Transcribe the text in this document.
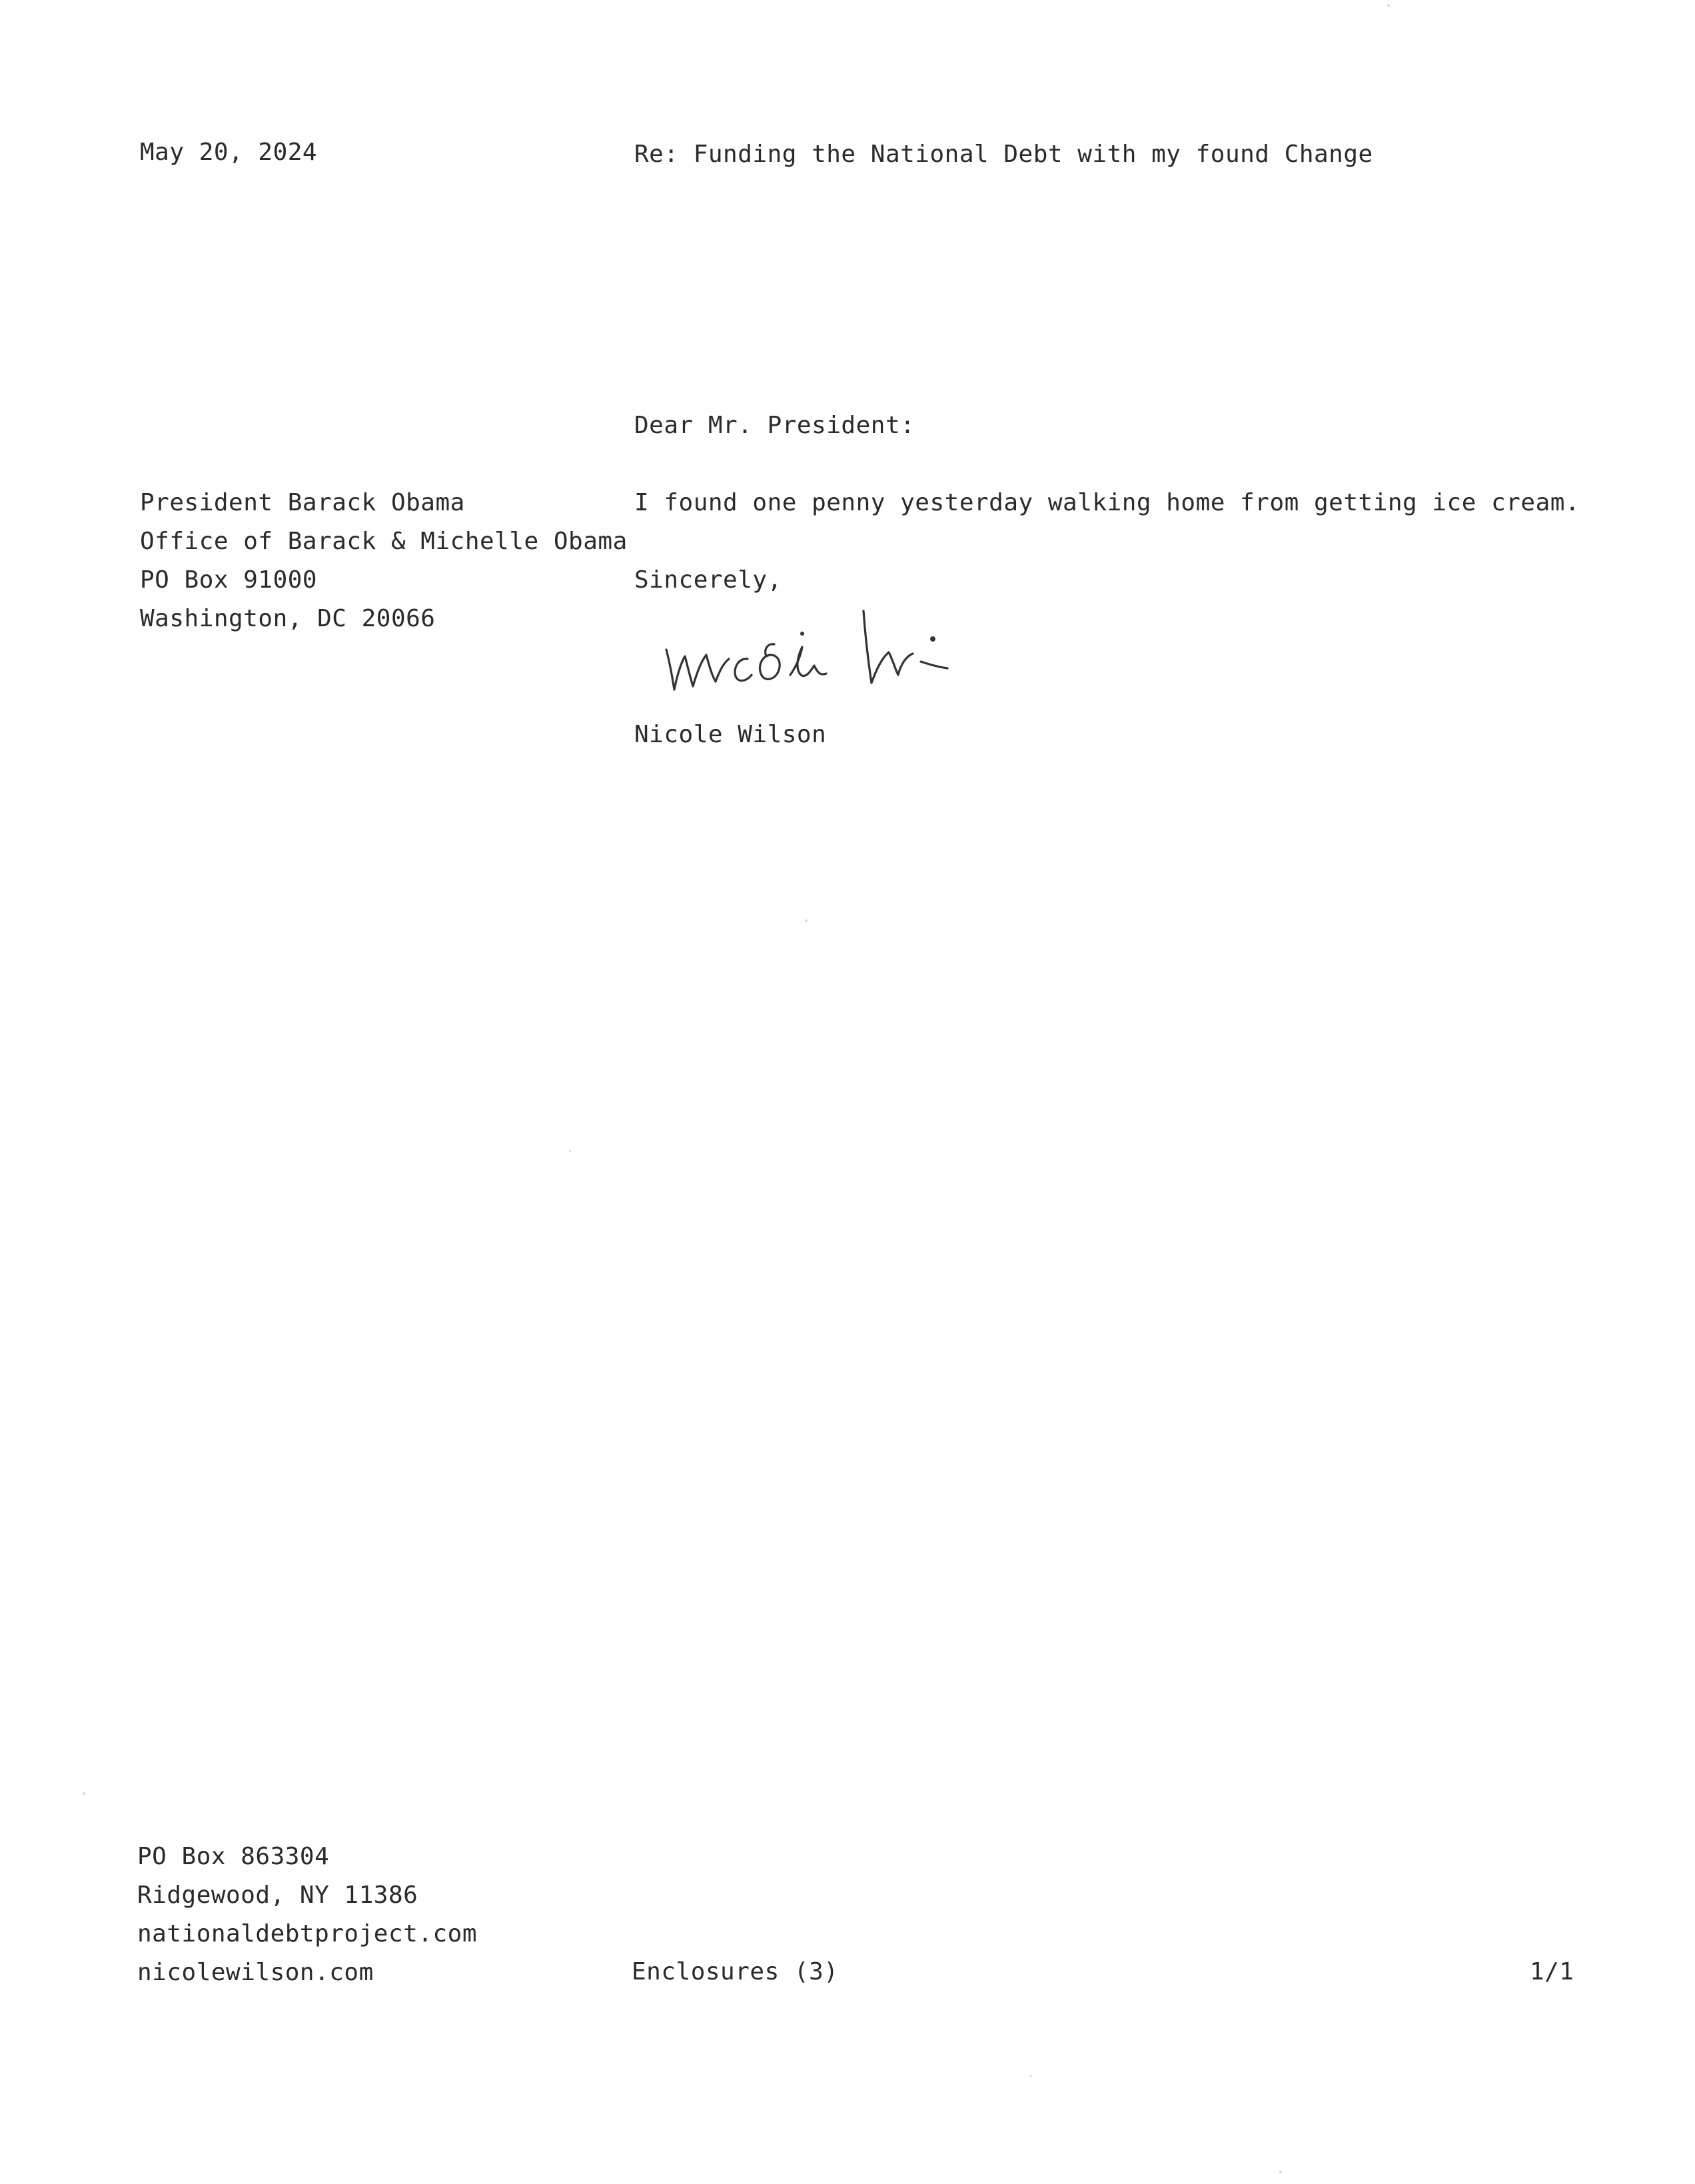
May 20, 2024	Re: Funding the National Debt with my found Change
Dear Mr. President:
President Barack Obama
Office of Barack & Michelle Obama
PO Box 91000
Washington, DC 20066
I found one penny yesterday walking home from getting ice cream.
Sincerely,
Nicole Wilson
PO Box 863304
Ridgewood, NY 11386
nationaldebtproject.com
nicolewilson.com	Enclosures (3)	1/1
